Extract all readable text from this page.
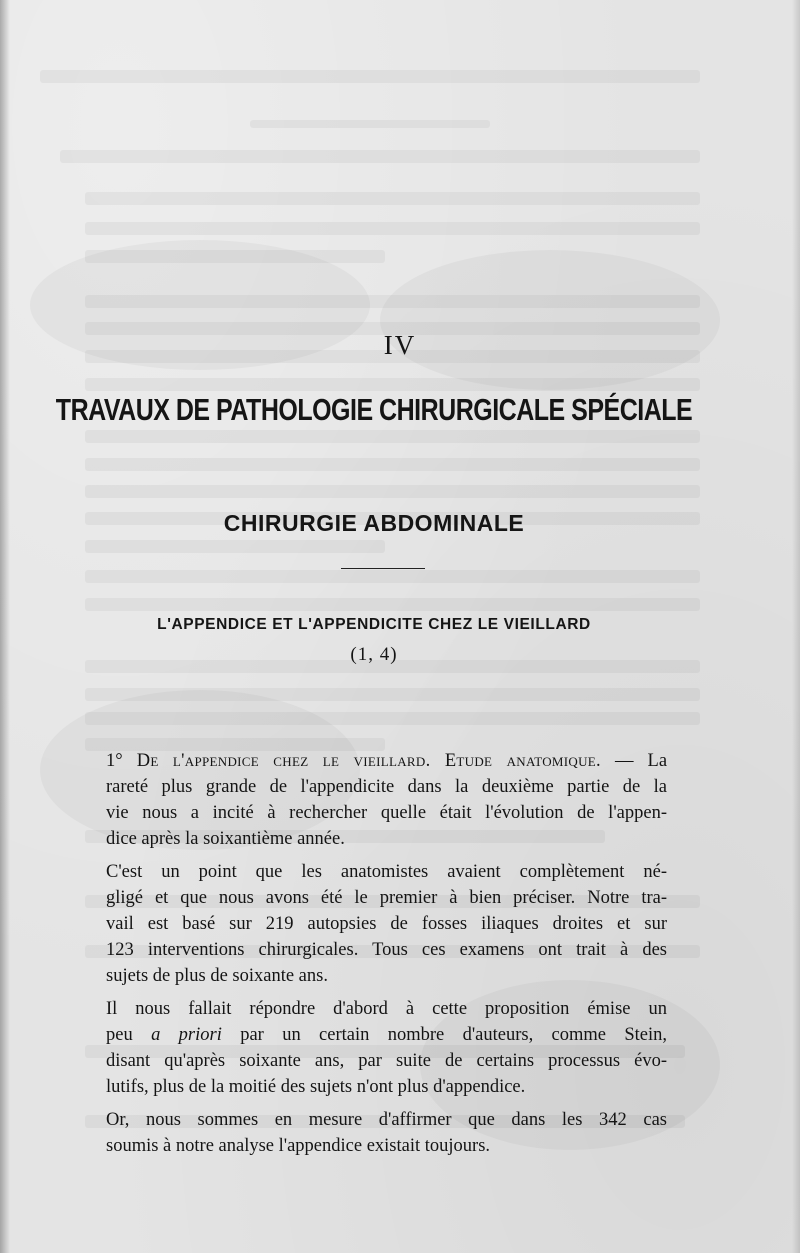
IV
TRAVAUX DE PATHOLOGIE CHIRURGICALE SPÉCIALE
CHIRURGIE ABDOMINALE
L'APPENDICE ET L'APPENDICITE CHEZ LE VIEILLARD
(1, 4)

1° De l'appendice chez le vieillard. Etude anatomique. — La
rareté plus grande de l'appendicite dans la deuxième partie de la
vie nous a incité à rechercher quelle était l'évolution de l'appen-
dice après la soixantième année.

C'est un point que les anatomistes avaient complètement né-
gligé et que nous avons été le premier à bien préciser. Notre tra-
vail est basé sur 219 autopsies de fosses iliaques droites et sur
123 interventions chirurgicales. Tous ces examens ont trait à des
sujets de plus de soixante ans.

Il nous fallait répondre d'abord à cette proposition émise un
peu a priori par un certain nombre d'auteurs, comme Stein,
disant qu'après soixante ans, par suite de certains processus évo-
lutifs, plus de la moitié des sujets n'ont plus d'appendice.

Or, nous sommes en mesure d'affirmer que dans les 342 cas
soumis à notre analyse l'appendice existait toujours.
